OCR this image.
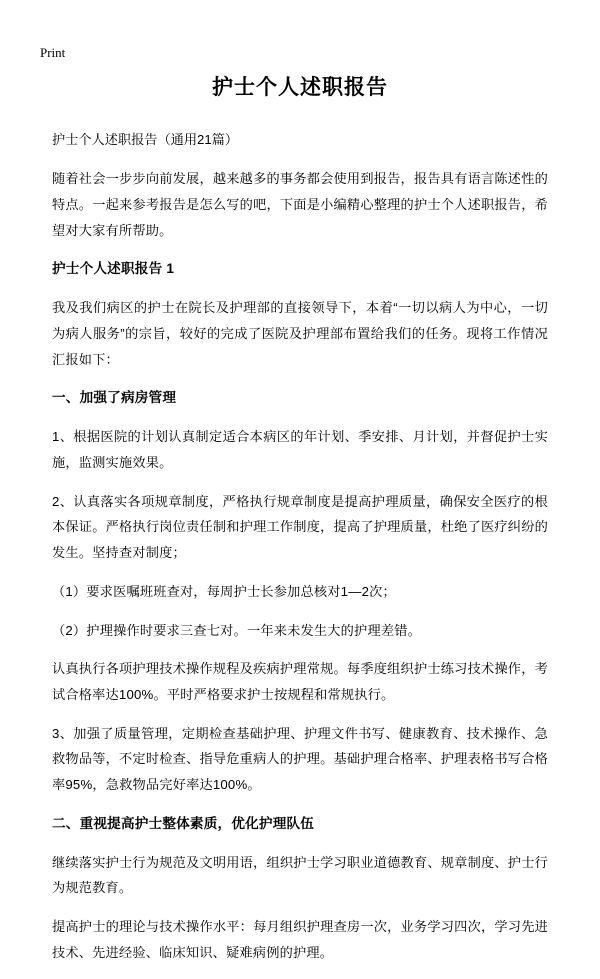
Print
护士个人述职报告

护士个人述职报告（通用21篇）

随着社会一步步向前发展，越来越多的事务都会使用到报告，报告具有语言陈述性的特点。一起来参考报告是怎么写的吧，下面是小编精心整理的护士个人述职报告，希望对大家有所帮助。

护士个人述职报告 1

我及我们病区的护士在院长及护理部的直接领导下，本着“一切以病人为中心，一切为病人服务”的宗旨，较好的完成了医院及护理部布置给我们的任务。现将工作情况汇报如下：

一、加强了病房管理

1、根据医院的计划认真制定适合本病区的年计划、季安排、月计划，并督促护士实施，监测实施效果。

2、认真落实各项规章制度，严格执行规章制度是提高护理质量，确保安全医疗的根本保证。严格执行岗位责任制和护理工作制度，提高了护理质量，杜绝了医疗纠纷的发生。坚持查对制度；

（1）要求医嘱班班查对，每周护士长参加总核对1—2次；

（2）护理操作时要求三查七对。一年来未发生大的护理差错。

认真执行各项护理技术操作规程及疾病护理常规。每季度组织护士练习技术操作，考试合格率达100%。平时严格要求护士按规程和常规执行。

3、加强了质量管理，定期检查基础护理、护理文件书写、健康教育、技术操作、急救物品等，不定时检查、指导危重病人的护理。基础护理合格率、护理表格书写合格率95%，急救物品完好率达100%。

二、重视提高护士整体素质，优化护理队伍

继续落实护士行为规范及文明用语，组织护士学习职业道德教育、规章制度、护士行为规范教育。

提高护士的理论与技术操作水平：每月组织护理查房一次，业务学习四次，学习先进技术、先进经验、临床知识、疑难病例的护理。
